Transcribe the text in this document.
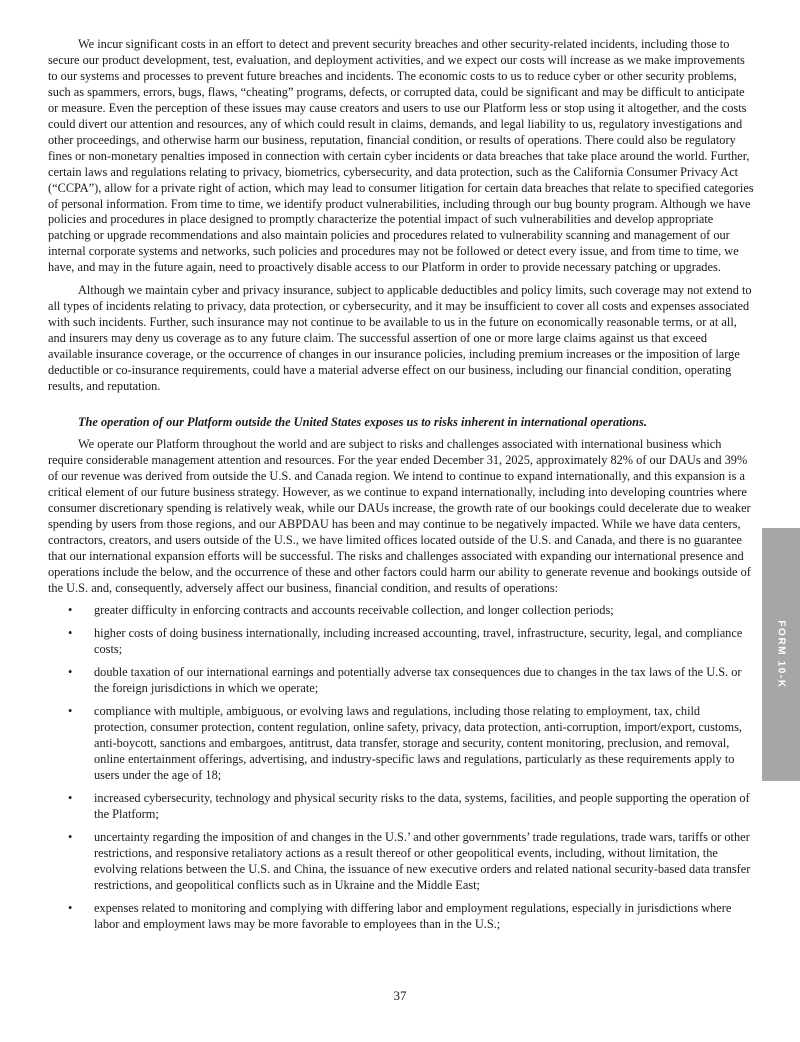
We incur significant costs in an effort to detect and prevent security breaches and other security-related incidents, including those to secure our product development, test, evaluation, and deployment activities, and we expect our costs will increase as we make improvements to our systems and processes to prevent future breaches and incidents. The economic costs to us to reduce cyber or other security problems, such as spammers, errors, bugs, flaws, “cheating” programs, defects, or corrupted data, could be significant and may be difficult to anticipate or measure. Even the perception of these issues may cause creators and users to use our Platform less or stop using it altogether, and the costs could divert our attention and resources, any of which could result in claims, demands, and legal liability to us, regulatory investigations and other proceedings, and otherwise harm our business, reputation, financial condition, or results of operations. There could also be regulatory fines or non-monetary penalties imposed in connection with certain cyber incidents or data breaches that take place around the world. Further, certain laws and regulations relating to privacy, biometrics, cybersecurity, and data protection, such as the California Consumer Privacy Act (“CCPA”), allow for a private right of action, which may lead to consumer litigation for certain data breaches that relate to specified categories of personal information. From time to time, we identify product vulnerabilities, including through our bug bounty program. Although we have policies and procedures in place designed to promptly characterize the potential impact of such vulnerabilities and develop appropriate patching or upgrade recommendations and also maintain policies and procedures related to vulnerability scanning and management of our internal corporate systems and networks, such policies and procedures may not be followed or detect every issue, and from time to time, we have, and may in the future again, need to proactively disable access to our Platform in order to provide necessary patching or upgrades.

Although we maintain cyber and privacy insurance, subject to applicable deductibles and policy limits, such coverage may not extend to all types of incidents relating to privacy, data protection, or cybersecurity, and it may be insufficient to cover all costs and expenses associated with such incidents. Further, such insurance may not continue to be available to us in the future on economically reasonable terms, or at all, and insurers may deny us coverage as to any future claim. The successful assertion of one or more large claims against us that exceed available insurance coverage, or the occurrence of changes in our insurance policies, including premium increases or the imposition of large deductible or co-insurance requirements, could have a material adverse effect on our business, including our financial condition, operating results, and reputation.

The operation of our Platform outside the United States exposes us to risks inherent in international operations.

We operate our Platform throughout the world and are subject to risks and challenges associated with international business which require considerable management attention and resources. For the year ended December 31, 2025, approximately 82% of our DAUs and 39% of our revenue was derived from outside the U.S. and Canada region. We intend to continue to expand internationally, and this expansion is a critical element of our future business strategy. However, as we continue to expand internationally, including into developing countries where consumer discretionary spending is relatively weak, while our DAUs increase, the growth rate of our bookings could decelerate due to weaker spending by users from those regions, and our ABPDAU has been and may continue to be negatively impacted. While we have data centers, contractors, creators, and users outside of the U.S., we have limited offices located outside of the U.S. and Canada, and there is no guarantee that our international expansion efforts will be successful. The risks and challenges associated with expanding our international presence and operations include the below, and the occurrence of these and other factors could harm our ability to generate revenue and bookings outside of the U.S. and, consequently, adversely affect our business, financial condition, and results of operations:

• greater difficulty in enforcing contracts and accounts receivable collection, and longer collection periods;
• higher costs of doing business internationally, including increased accounting, travel, infrastructure, security, legal, and compliance costs;
• double taxation of our international earnings and potentially adverse tax consequences due to changes in the tax laws of the U.S. or the foreign jurisdictions in which we operate;
• compliance with multiple, ambiguous, or evolving laws and regulations, including those relating to employment, tax, child protection, consumer protection, content regulation, online safety, privacy, data protection, anti-corruption, import/export, customs, anti-boycott, sanctions and embargoes, antitrust, data transfer, storage and security, content monitoring, preclusion, and removal, online entertainment offerings, advertising, and industry-specific laws and regulations, particularly as these requirements apply to users under the age of 18;
• increased cybersecurity, technology and physical security risks to the data, systems, facilities, and people supporting the operation of the Platform;
• uncertainty regarding the imposition of and changes in the U.S.’ and other governments’ trade regulations, trade wars, tariffs or other restrictions, and responsive retaliatory actions as a result thereof or other geopolitical events, including, without limitation, the evolving relations between the U.S. and China, the issuance of new executive orders and related national security-based data transfer restrictions, and geopolitical conflicts such as in Ukraine and the Middle East;
• expenses related to monitoring and complying with differing labor and employment regulations, especially in jurisdictions where labor and employment laws may be more favorable to employees than in the U.S.;
37
FORM 10-K
